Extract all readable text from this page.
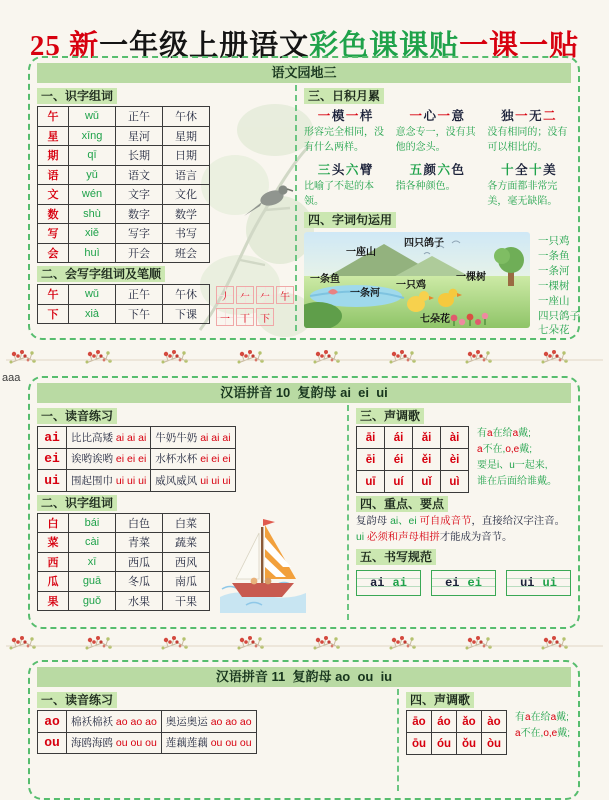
25 新一年级上册语文彩色课课贴一课一贴
语文园地三
一、识字组词
午	wǔ	正午	午休
星	xīng	星河	星期
期	qī	长期	日期
语	yǔ	语文	语言
文	wén	文字	文化
数	shù	数字	数学
写	xiě	写字	书写
会	huì	开会	班会
二、会写字组词及笔顺
午	wǔ	正午	午休
下	xià	下午	下课
丿	𠂉	𠂉	午
一	丅	下
三、日积月累
一模一样
形容完全相同，没有什么两样。
一心一意
意念专一，没有其他的念头。
独一无二
没有相同的；没有可以相比的。
三头六臂
比喻了不起的本领。
五颜六色
指各种颜色。
十全十美
各方面都非常完美，毫无缺陷。
四、字词句运用
一座山
四只鸽子
一条鱼
一条河
一只鸡
一棵树
七朵花
一只鸡
一条鱼
一条河
一棵树
一座山
四只鸽子
七朵花
aaa
汉语拼音 10  复韵母 ai  ei  ui
一、读音练习
ai	比比高矮 ai ai ai	牛奶牛奶 ai ai ai
ei	诶哟诶哟 ei ei ei	水杯水杯 ei ei ei
ui	围起围巾 ui ui ui	威风威风 ui ui ui
二、识字组词
白	bái	白色	白菜
菜	cài	青菜	蔬菜
西	xī	西瓜	西风
瓜	guā	冬瓜	南瓜
果	guǒ	水果	干果
三、声调歌
āi	ái	ǎi	ài
ēi	éi	ěi	èi
uī	uí	uǐ	uì
有a在给a戴;
a不在,o,e戴;
要是i、u一起来,
谁在后面给谁戴。
四、重点、要点
复韵母 ai、ei 可自成音节，直接给汉字注音。
ui 必须和声母相拼才能成为音节。
五、书写规范
ai ai	ei ei	ui ui
汉语拼音 11  复韵母 ao  ou  iu
一、读音练习
ao	棉袄棉袄 ao ao ao	奥运奥运 ao ao ao
ou	海鸥海鸥 ou ou ou	莲藕莲藕 ou ou ou
四、声调歌
āo	áo	ǎo	ào
ōu	óu	ǒu	òu
有a在给a戴;
a不在,o,e戴;
